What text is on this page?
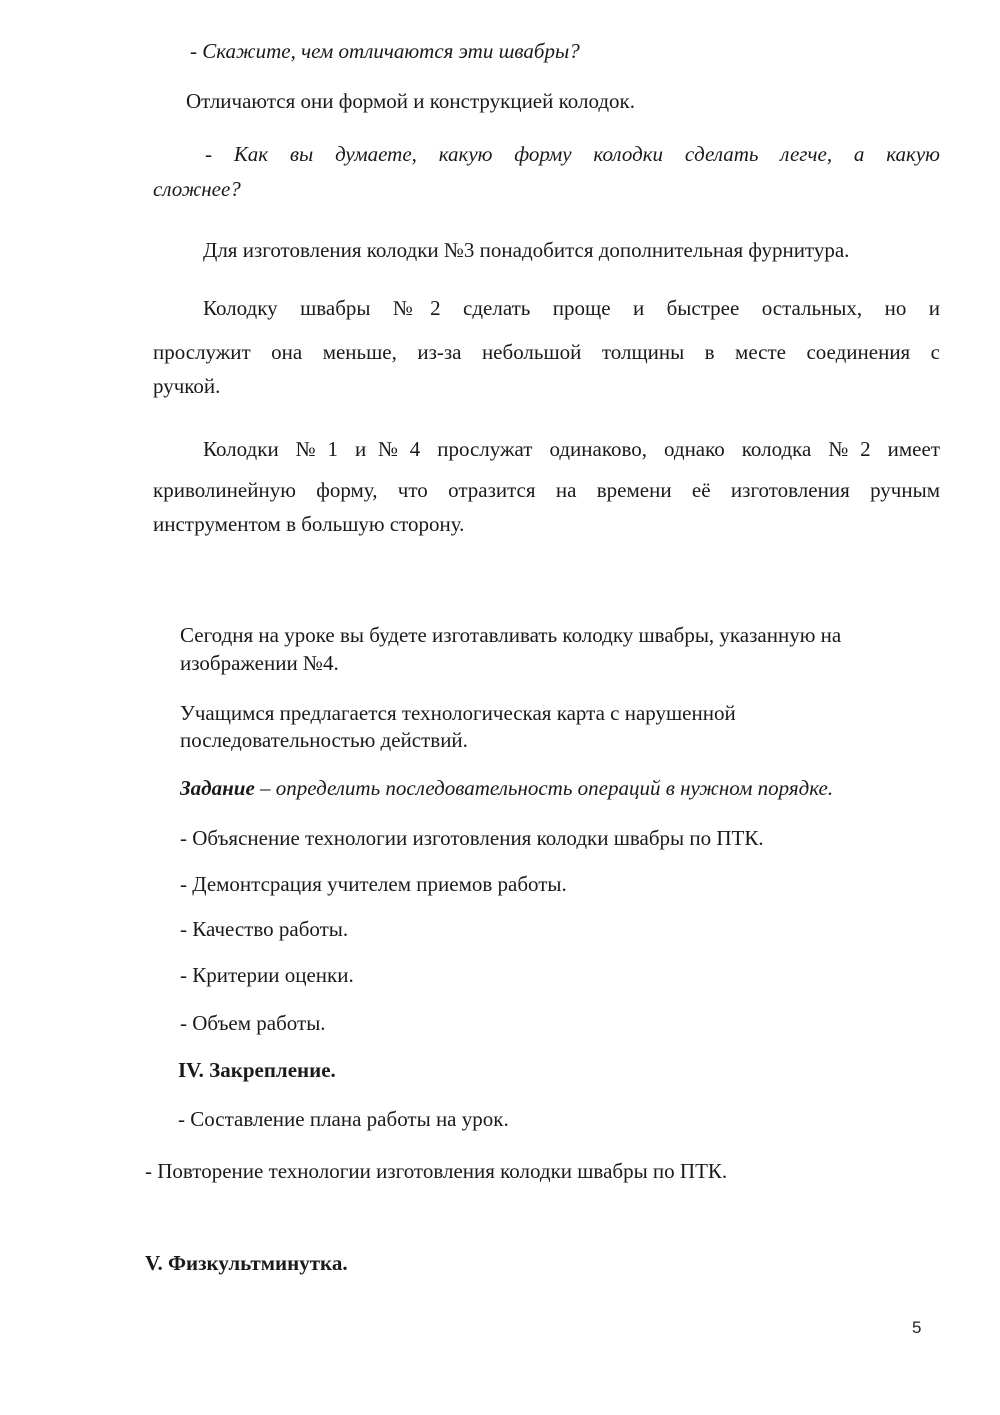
- Скажите, чем отличаются эти швабры?

Отличаются они формой и конструкцией колодок.

- Как вы думаете, какую форму колодки сделать легче, а какую

сложнее?

Для изготовления колодки №3 понадобится дополнительная фурнитура.

Колодку швабры №2 сделать проще и быстрее остальных, но и

прослужит она меньше, из-за небольшой толщины в месте соединения с

ручкой.

Колодки №1 и№4 прослужат одинаково, однако колодка №2 имеет

криволинейную форму, что отразится на времени её изготовления ручным

инструментом в большую сторону.

Сегодня на уроке вы будете изготавливать колодку швабры, указанную на

изображении №4.

Учащимся предлагается технологическая карта с нарушенной

последовательностью действий.

Задание – определить последовательность операций в нужном порядке.

- Объяснение технологии изготовления колодки швабры по ПТК.

- Демонтсрация учителем приемов работы.

- Качество работы.

- Критерии оценки.

- Объем работы.

IV. Закрепление.

- Составление плана работы на урок.

- Повторение технологии изготовления колодки швабры по ПТК.

V. Физкультминутка.

5
